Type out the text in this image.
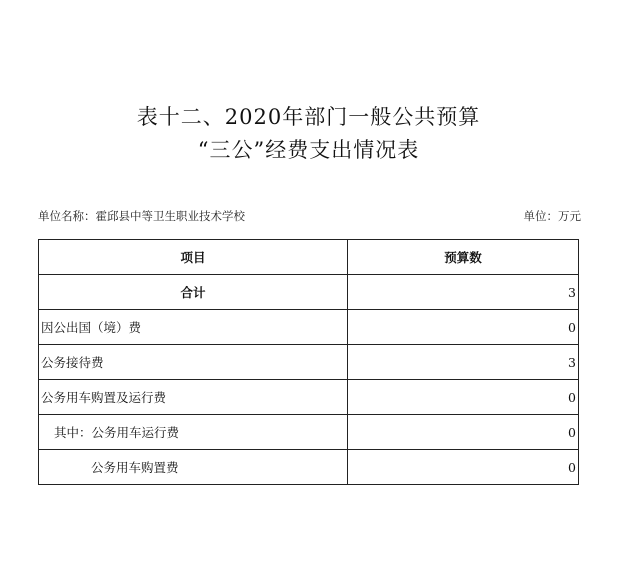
表十二、2020年部门一般公共预算
“三公”经费支出情况表
单位名称：霍邱县中等卫生职业技术学校	单位：万元
项目	预算数
合计	3
因公出国（境）费	0
公务接待费	3
公务用车购置及运行费	0
其中：公务用车运行费	0
公务用车购置费	0
